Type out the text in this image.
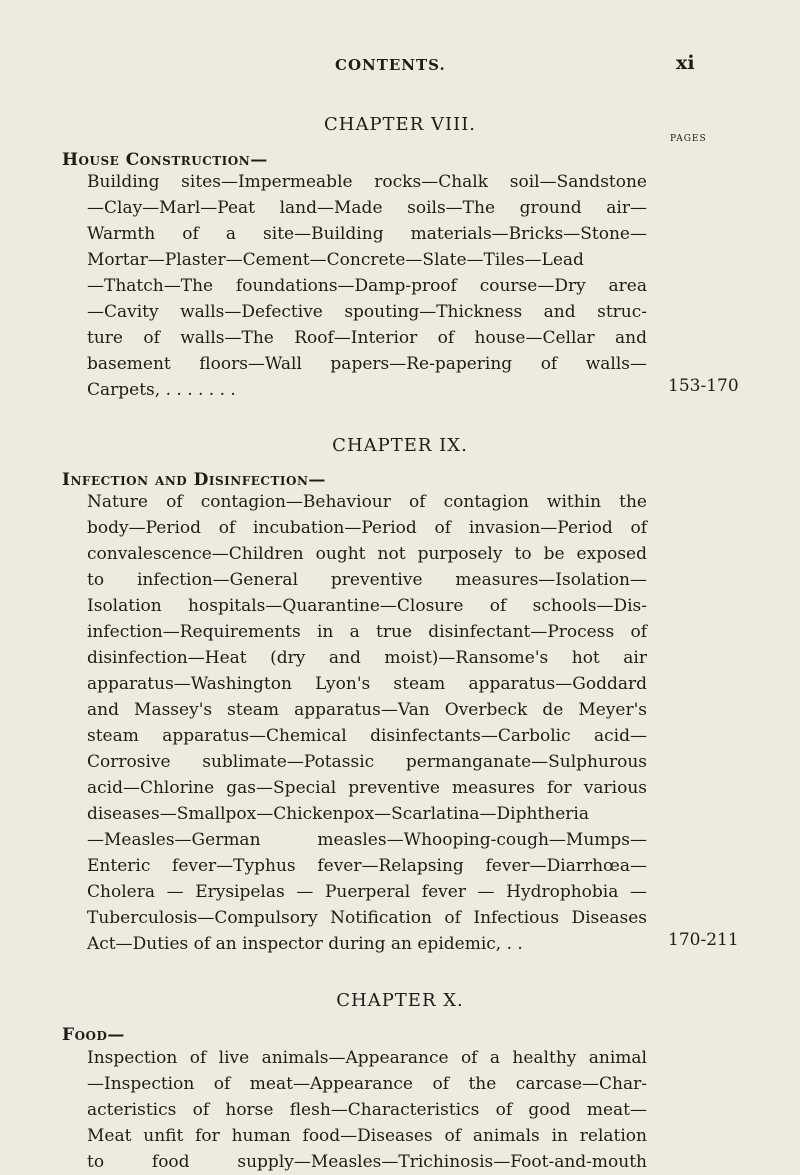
CONTENTS.	xi
CHAPTER VIII.
PAGES
House Construction—
Building sites—Impermeable rocks—Chalk soil—Sandstone
—Clay—Marl—Peat land—Made soils—The ground air—
Warmth of a site—Building materials—Bricks—Stone—
Mortar—Plaster—Cement—Concrete—Slate—Tiles—Lead
—Thatch—The foundations—Damp-proof course—Dry area
—Cavity walls—Defective spouting—Thickness and struc-
ture of walls—The Roof—Interior of house—Cellar and
basement floors—Wall papers—Re-papering of walls—
Carpets, . . . . . . .	153-170
CHAPTER IX.
Infection and Disinfection—
Nature of contagion—Behaviour of contagion within the
body—Period of incubation—Period of invasion—Period of
convalescence—Children ought not purposely to be exposed
to infection—General preventive measures—Isolation—
Isolation hospitals—Quarantine—Closure of schools—Dis-
infection—Requirements in a true disinfectant—Process of
disinfection—Heat (dry and moist)—Ransome's hot air
apparatus—Washington Lyon's steam apparatus—Goddard
and Massey's steam apparatus—Van Overbeck de Meyer's
steam apparatus—Chemical disinfectants—Carbolic acid—
Corrosive sublimate—Potassic permanganate—Sulphurous
acid—Chlorine gas—Special preventive measures for various
diseases—Smallpox—Chickenpox—Scarlatina—Diphtheria
—Measles—German measles—Whooping-cough—Mumps—
Enteric fever—Typhus fever—Relapsing fever—Diarrhœa—
Cholera — Erysipelas — Puerperal fever — Hydrophobia —
Tuberculosis—Compulsory Notification of Infectious Diseases
Act—Duties of an inspector during an epidemic, . .	170-211
CHAPTER X.
Food—
Inspection of live animals—Appearance of a healthy animal
—Inspection of meat—Appearance of the carcase—Char-
acteristics of horse flesh—Characteristics of good meat—
Meat unfit for human food—Diseases of animals in relation
to food supply—Measles—Trichinosis—Foot-and-mouth
